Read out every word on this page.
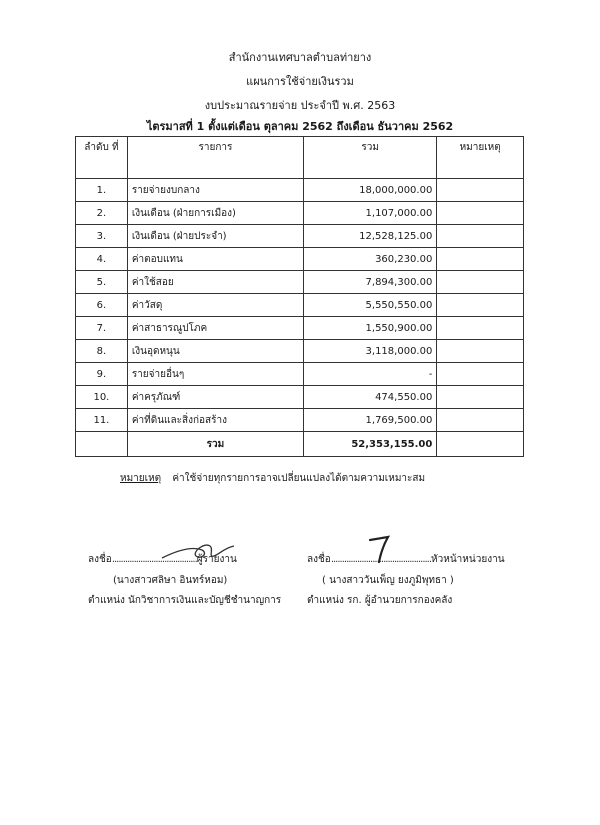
สำนักงานเทศบาลตำบลท่ายาง
แผนการใช้จ่ายเงินรวม
งบประมาณรายจ่าย ประจำปี พ.ศ. 2563
ไตรมาสที่ 1 ตั้งแต่เดือน ตุลาคม 2562 ถึงเดือน ธันวาคม 2562
ลำดับ ที่	รายการ	รวม	หมายเหตุ
1.	รายจ่ายงบกลาง	18,000,000.00	
2.	เงินเดือน (ฝ่ายการเมือง)	1,107,000.00	
3.	เงินเดือน (ฝ่ายประจำ)	12,528,125.00	
4.	ค่าตอบแทน	360,230.00	
5.	ค่าใช้สอย	7,894,300.00	
6.	ค่าวัสดุ	5,550,550.00	
7.	ค่าสาธารณูปโภค	1,550,900.00	
8.	เงินอุดหนุน	3,118,000.00	
9.	รายจ่ายอื่นๆ	-	
10.	ค่าครุภัณฑ์	474,550.00	
11.	ค่าที่ดินและสิ่งก่อสร้าง	1,769,500.00	
	รวม	52,353,155.00	
หมายเหตุ ค่าใช้จ่ายทุกรายการอาจเปลี่ยนแปลงได้ตามความเหมาะสม
ลงชื่อ.......................................ผู้รายงาน
(นางสาวศลิษา อินทร์หอม)
ตำแหน่ง นักวิชาการเงินและบัญชีชำนาญการ
ลงชื่อ..............................................หัวหน้าหน่วยงาน
( นางสาววันเพ็ญ ยงภูมิพุทธา )
ตำแหน่ง รก. ผู้อำนวยการกองคลัง
